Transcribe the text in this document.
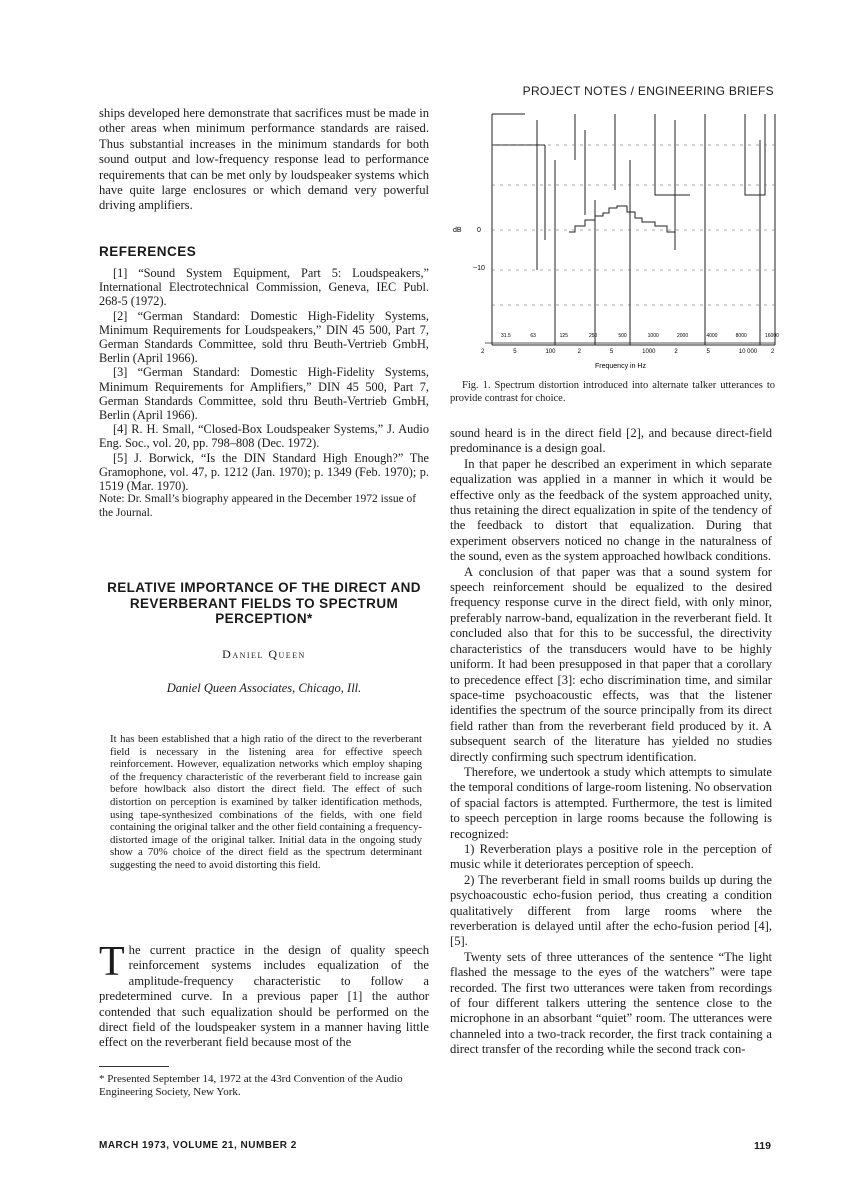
PROJECT NOTES / ENGINEERING BRIEFS

ships developed here demonstrate that sacrifices must be made in other areas when minimum performance standards are raised. Thus substantial increases in the minimum standards for both sound output and low-frequency response lead to performance requirements that can be met only by loudspeaker systems which have quite large enclosures or which demand very powerful driving amplifiers.

REFERENCES

[1] “Sound System Equipment, Part 5: Loudspeakers,” International Electrotechnical Commission, Geneva, IEC Publ. 268-5 (1972).

[2] “German Standard: Domestic High-Fidelity Systems, Minimum Requirements for Loudspeakers,” DIN 45 500, Part 7, German Standards Committee, sold thru Beuth-Vertrieb GmbH, Berlin (April 1966).

[3] “German Standard: Domestic High-Fidelity Systems, Minimum Requirements for Amplifiers,” DIN 45 500, Part 7, German Standards Committee, sold thru Beuth-Vertrieb GmbH, Berlin (April 1966).

[4] R. H. Small, “Closed-Box Loudspeaker Systems,” J. Audio Eng. Soc., vol. 20, pp. 798–808 (Dec. 1972).

[5] J. Borwick, “Is the DIN Standard High Enough?” The Gramophone, vol. 47, p. 1212 (Jan. 1970); p. 1349 (Feb. 1970); p. 1519 (Mar. 1970).

Note: Dr. Small’s biography appeared in the December 1972 issue of the Journal.
RELATIVE IMPORTANCE OF THE DIRECT AND REVERBERANT FIELDS TO SPECTRUM PERCEPTION*
Daniel Queen
Daniel Queen Associates, Chicago, Ill.
It has been established that a high ratio of the direct to the reverberant field is necessary in the listening area for effective speech reinforcement. However, equalization networks which employ shaping of the frequency characteristic of the reverberant field to increase gain before howlback also distort the direct field. The effect of such distortion on perception is examined by talker identification methods, using tape-synthesized combinations of the fields, with one field containing the original talker and the other field containing a frequency-distorted image of the original talker. Initial data in the ongoing study show a 70% choice of the direct field as the spectrum determinant suggesting the need to avoid distorting this field.
The current practice in the design of quality speech reinforcement systems includes equalization of the amplitude-frequency characteristic to follow a predetermined curve. In a previous paper [1] the author contended that such equalization should be performed on the direct field of the loudspeaker system in a manner having little effect on the reverberant field because most of the
* Presented September 14, 1972 at the 43rd Convention of the Audio Engineering Society, New York.
MARCH 1973, VOLUME 21, NUMBER 2	119
dB 0
−10
31.5	63	125	250	500	1000	2000	4000	8000	16000
2	5	100	2	5	1000	2	5	10 000 2
Frequency in Hz
Fig. 1. Spectrum distortion introduced into alternate talker utterances to provide contrast for choice.

sound heard is in the direct field [2], and because direct-field predominance is a design goal.

In that paper he described an experiment in which separate equalization was applied in a manner in which it would be effective only as the feedback of the system approached unity, thus retaining the direct equalization in spite of the tendency of the feedback to distort that equalization. During that experiment observers noticed no change in the naturalness of the sound, even as the system approached howlback conditions.

A conclusion of that paper was that a sound system for speech reinforcement should be equalized to the desired frequency response curve in the direct field, with only minor, preferably narrow-band, equalization in the reverberant field. It concluded also that for this to be successful, the directivity characteristics of the transducers would have to be highly uniform. It had been presupposed in that paper that a corollary to precedence effect [3]: echo discrimination time, and similar space-time psychoacoustic effects, was that the listener identifies the spectrum of the source principally from its direct field rather than from the reverberant field produced by it. A subsequent search of the literature has yielded no studies directly confirming such spectrum identification.

Therefore, we undertook a study which attempts to simulate the temporal conditions of large-room listening. No observation of spacial factors is attempted. Furthermore, the test is limited to speech perception in large rooms because the following is recognized:

1) Reverberation plays a positive role in the perception of music while it deteriorates perception of speech.

2) The reverberant field in small rooms builds up during the psychoacoustic echo-fusion period, thus creating a condition qualitatively different from large rooms where the reverberation is delayed until after the echo-fusion period [4], [5].

Twenty sets of three utterances of the sentence “The light flashed the message to the eyes of the watchers” were tape recorded. The first two utterances were taken from recordings of four different talkers uttering the sentence close to the microphone in an absorbant “quiet” room. The utterances were channeled into a two-track recorder, the first track containing a direct transfer of the recording while the second track con-
